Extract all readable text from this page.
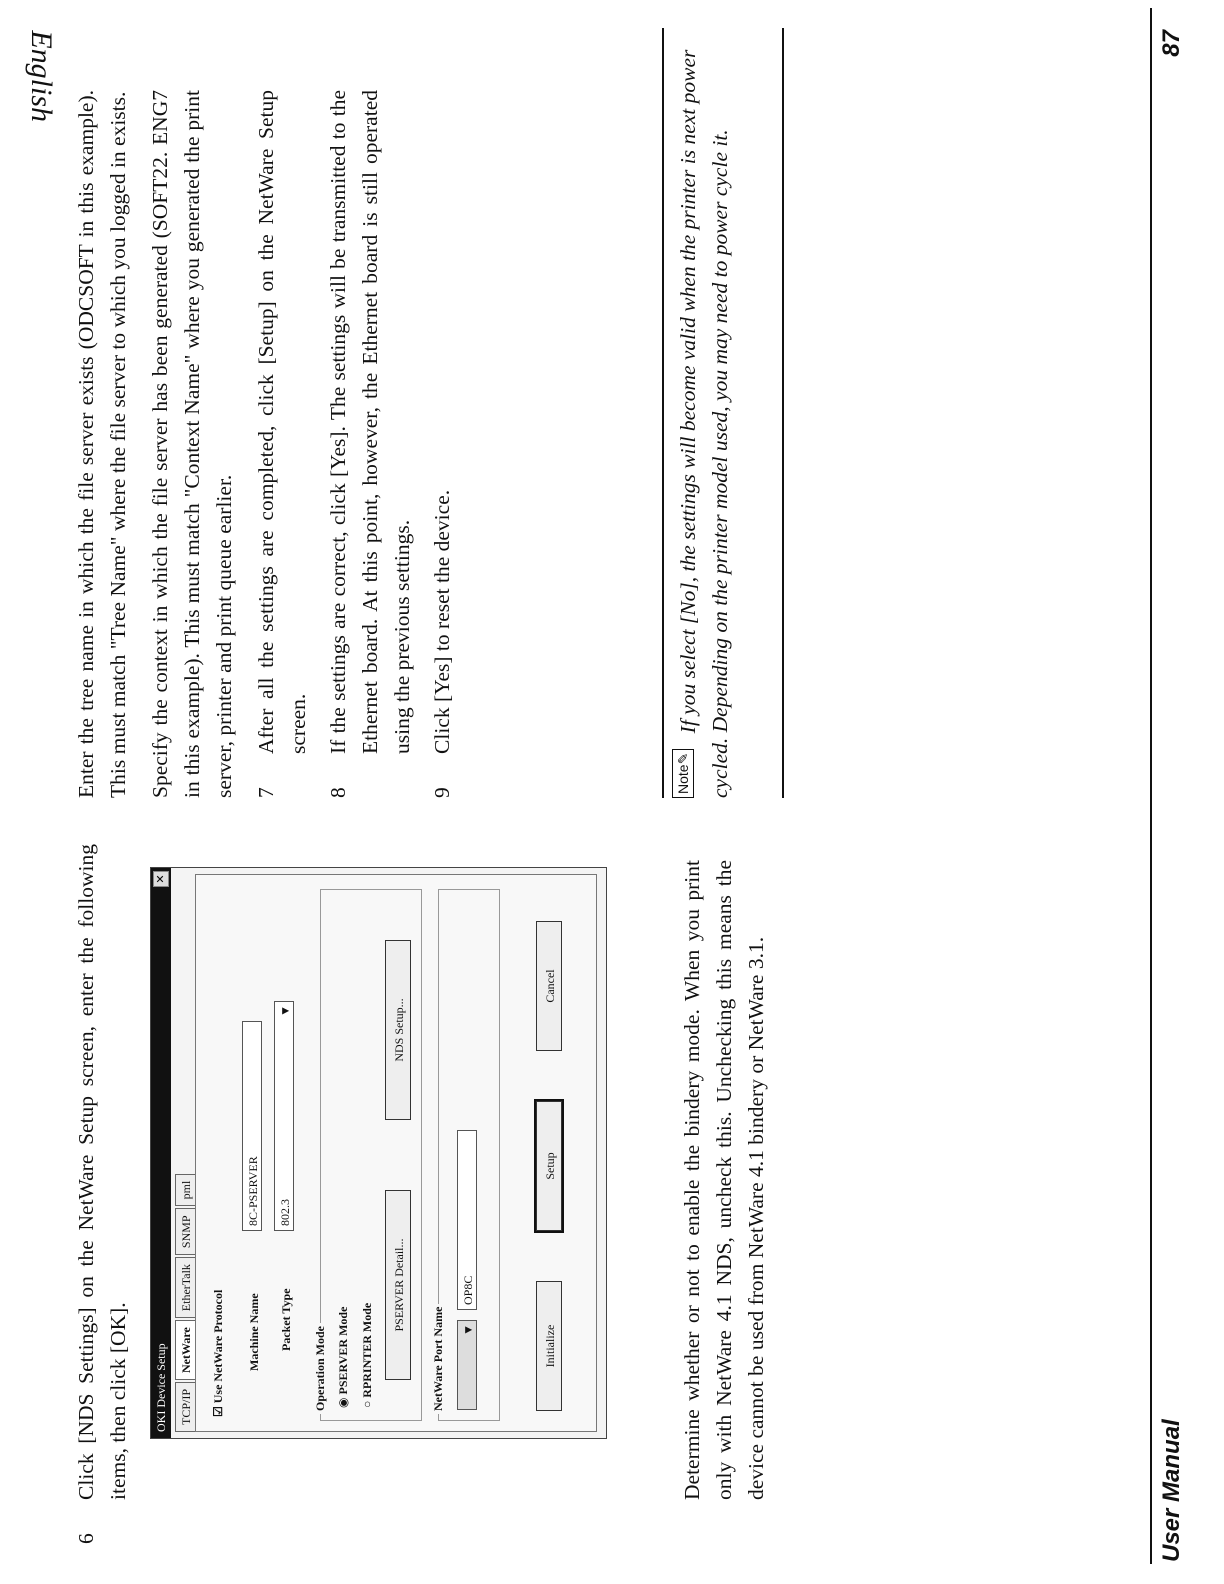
6
Click [NDS Settings] on the NetWare Setup screen, enter the following items, then click [OK].	OKI Device Setup
✕
TCP/IP
NetWare
EtherTalk
SNMP
pml
☑ Use NetWare Protocol Machine Name
8C-PSERVER
Packet Type
802.3
▼
Operation Mode ◉ PSERVER Mode
○ RPRINTER Mode
PSERVER Detail...
NDS Setup...
NetWare Port Name ▼
OP8C
Initialize
Setup
Cancel	Determine whether or not to enable the bindery mode. When you print only with NetWare 4.1 NDS, uncheck this. Unchecking this means the device cannot be used from NetWare 4.1 bindery or NetWare 3.1.

Enter the tree name in which the file server exists (ODCSOFT in this example). This must match "Tree Name" where the file server to which you logged in exists. Specify the context in which the file server has been generated (SOFT22. ENG7 in this example). This must match "Context Name" where you generated the print server, printer and print queue earlier. 7
After all the settings are completed, click [Setup] on the NetWare Setup screen.
8
If the settings are correct, click [Yes]. The settings will be transmitted to the Ethernet board. At this point, however, the Ethernet board is still operated using the previous settings.
9
Click [Yes] to reset the device.
Note✎ If you select [No], the settings will become valid when the printer is next power cycled. Depending on the printer model used, you may need to power cycle it.
User Manual
87
English
